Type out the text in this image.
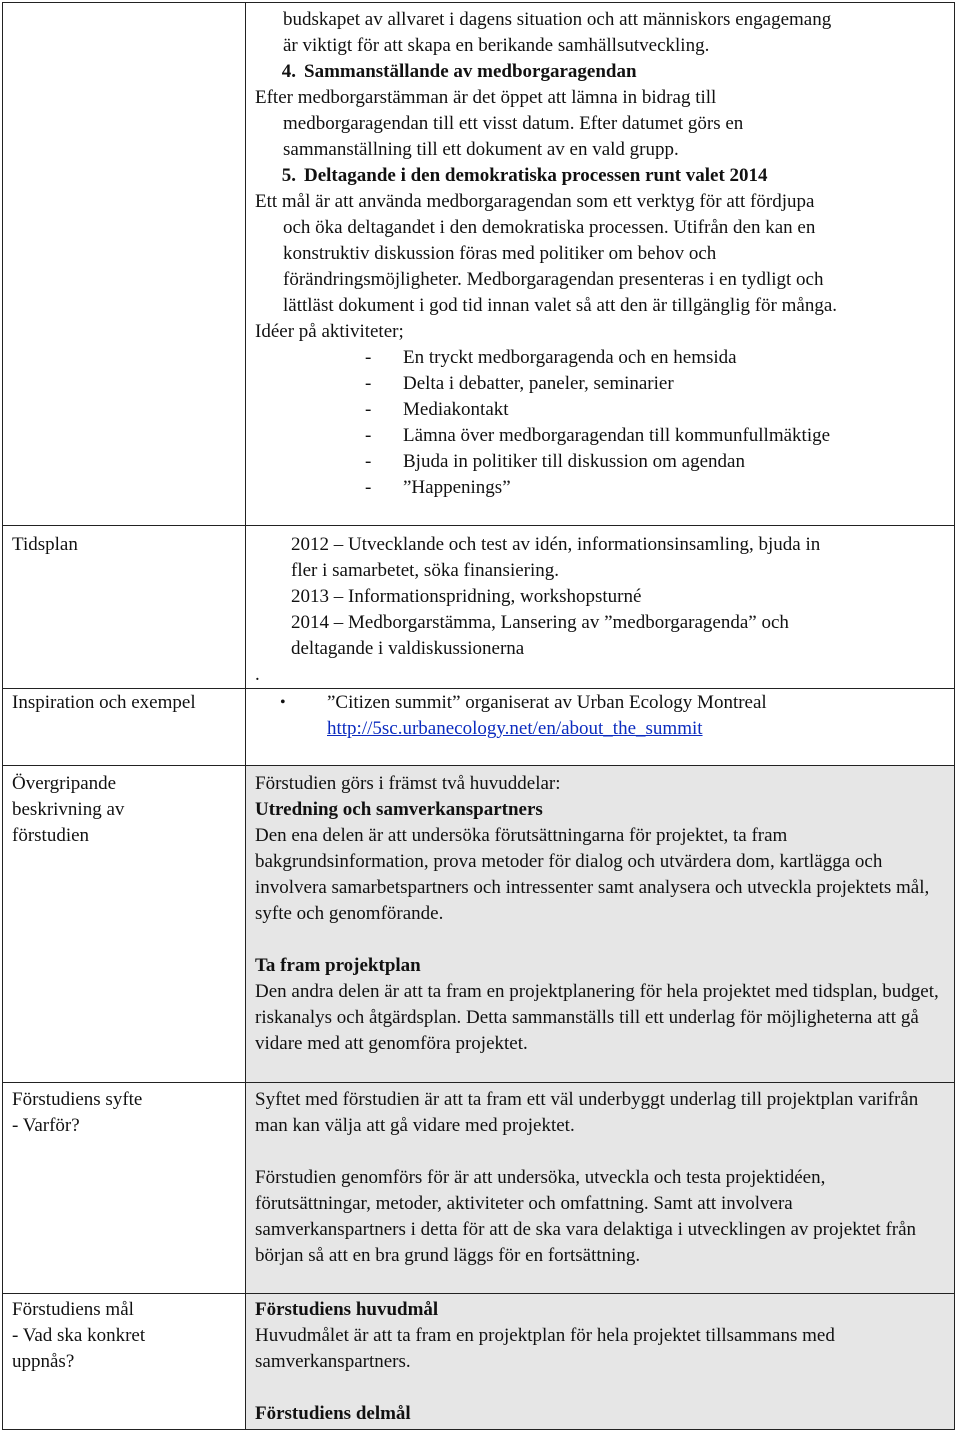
budskapet av allvaret i dagens situation och att människors engagemang

är viktigt för att skapa en berikande samhällsutveckling.

4. Sammanställande av medborgaragendan

Efter medborgarstämman är det öppet att lämna in bidrag till

medborgaragendan till ett visst datum. Efter datumet görs en

sammanställning till ett dokument av en vald grupp.

5. Deltagande i den demokratiska processen runt valet 2014

Ett mål är att använda medborgaragendan som ett verktyg för att fördjupa

och öka deltagandet i den demokratiska processen. Utifrån den kan en

konstruktiv diskussion föras med politiker om behov och

förändringsmöjligheter. Medborgaragendan presenteras i en tydligt och

lättläst dokument i god tid innan valet så att den är tillgänglig för många.

Idéer på aktiviteter;

- En tryckt medborgaragenda och en hemsida
- Delta i debatter, paneler, seminarier
- Mediakontakt
- Lämna över medborgaragendan till kommunfullmäktige
- Bjuda in politiker till diskussion om agendan
- ”Happenings”

Tidsplan	2012 – Utvecklande och test av idén, informationsinsamling, bjuda in

fler i samarbetet, söka finansiering.

2013 – Informationspridning, workshopsturné

2014 – Medborgarstämma, Lansering av ”medborgaragenda” och

deltagande i valdiskussionerna

.

Inspiration och exempel	• ”Citizen summit” organiserat av Urban Ecology Montreal

http://5sc.urbanecology.net/en/about_the_summit

Övergripande beskrivning av förstudien

Förstudien görs i främst två huvuddelar:

Utredning och samverkanspartners

Den ena delen är att undersöka förutsättningarna för projektet, ta fram bakgrundsinformation, prova metoder för dialog och utvärdera dom, kartlägga och involvera samarbetspartners och intressenter samt analysera och utveckla projektets mål, syfte och genomförande.

Ta fram projektplan

Den andra delen är att ta fram en projektplanering för hela projektet med tidsplan, budget, riskanalys och åtgärdsplan. Detta sammanställs till ett underlag för möjligheterna att gå vidare med att genomföra projektet.

Förstudiens syfte

- Varför?

Syftet med förstudien är att ta fram ett väl underbyggt underlag till projektplan varifrån man kan välja att gå vidare med projektet.

Förstudien genomförs för är att undersöka, utveckla och testa projektidéen, förutsättningar, metoder, aktiviteter och omfattning. Samt att involvera samverkanspartners i detta för att de ska vara delaktiga i utvecklingen av projektet från början så att en bra grund läggs för en fortsättning.

Förstudiens mål

- Vad ska konkret uppnås?

Förstudiens huvudmål

Huvudmålet är att ta fram en projektplan för hela projektet tillsammans med samverkanspartners.

Förstudiens delmål
